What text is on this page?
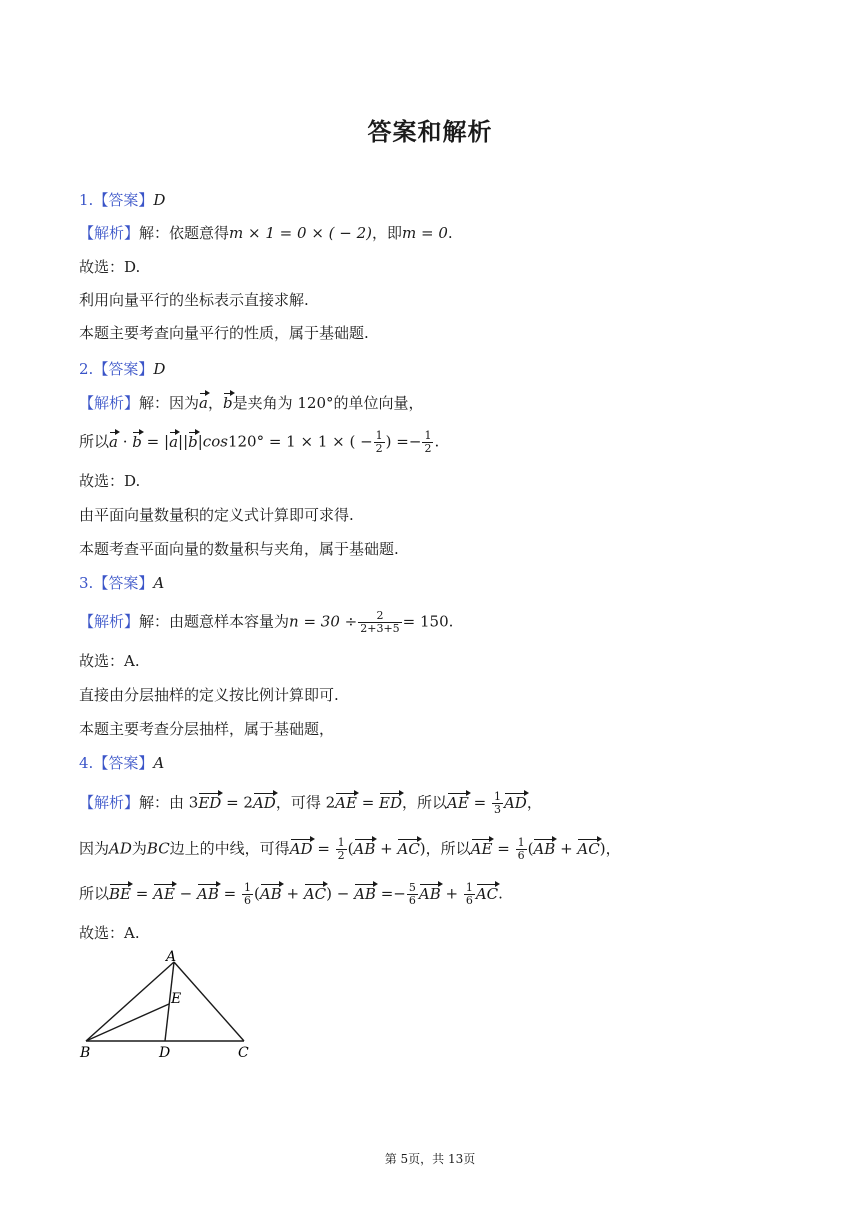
答案和解析
1.【答案】D
【解析】解：依题意得m × 1 = 0 × ( − 2)，即m = 0.
故选：D.
利用向量平行的坐标表示直接求解.
本题主要考查向量平行的性质，属于基础题.
2.【答案】D
【解析】解：因为a，b是夹角为 120°的单位向量，
所以a · b = |a||b|cos120° = 1 × 1 × ( − $\frac{1}{2}$ ) =− $\frac{1}{2}$ .
故选：D.
由平面向量数量积的定义式计算即可求得.
本题考查平面向量的数量积与夹角，属于基础题.
3.【答案】A
【解析】解：由题意样本容量为$n = 30 \div \frac{2}{2+3+5} = 150$.
故选：A.
直接由分层抽样的定义按比例计算即可.
本题主要考查分层抽样，属于基础题，
4.【答案】A
【解析】解：由 3ED = 2AD，可得 2AE = ED，所以AE = $\frac{1}{3}$ AD，
因为AD为BC边上的中线，可得AD = $\frac{1}{2} (AB + AC)$，所以AE = $\frac{1}{6} (AB + AC)$，
所以BE = AE − AB = $\frac{1}{6} (AB + AC)$ − AB =− $\frac{5}{6}$ AB + $\frac{1}{6}$ AC.
故选：A.
A
E
B	D	C
第 5页，共 13页
